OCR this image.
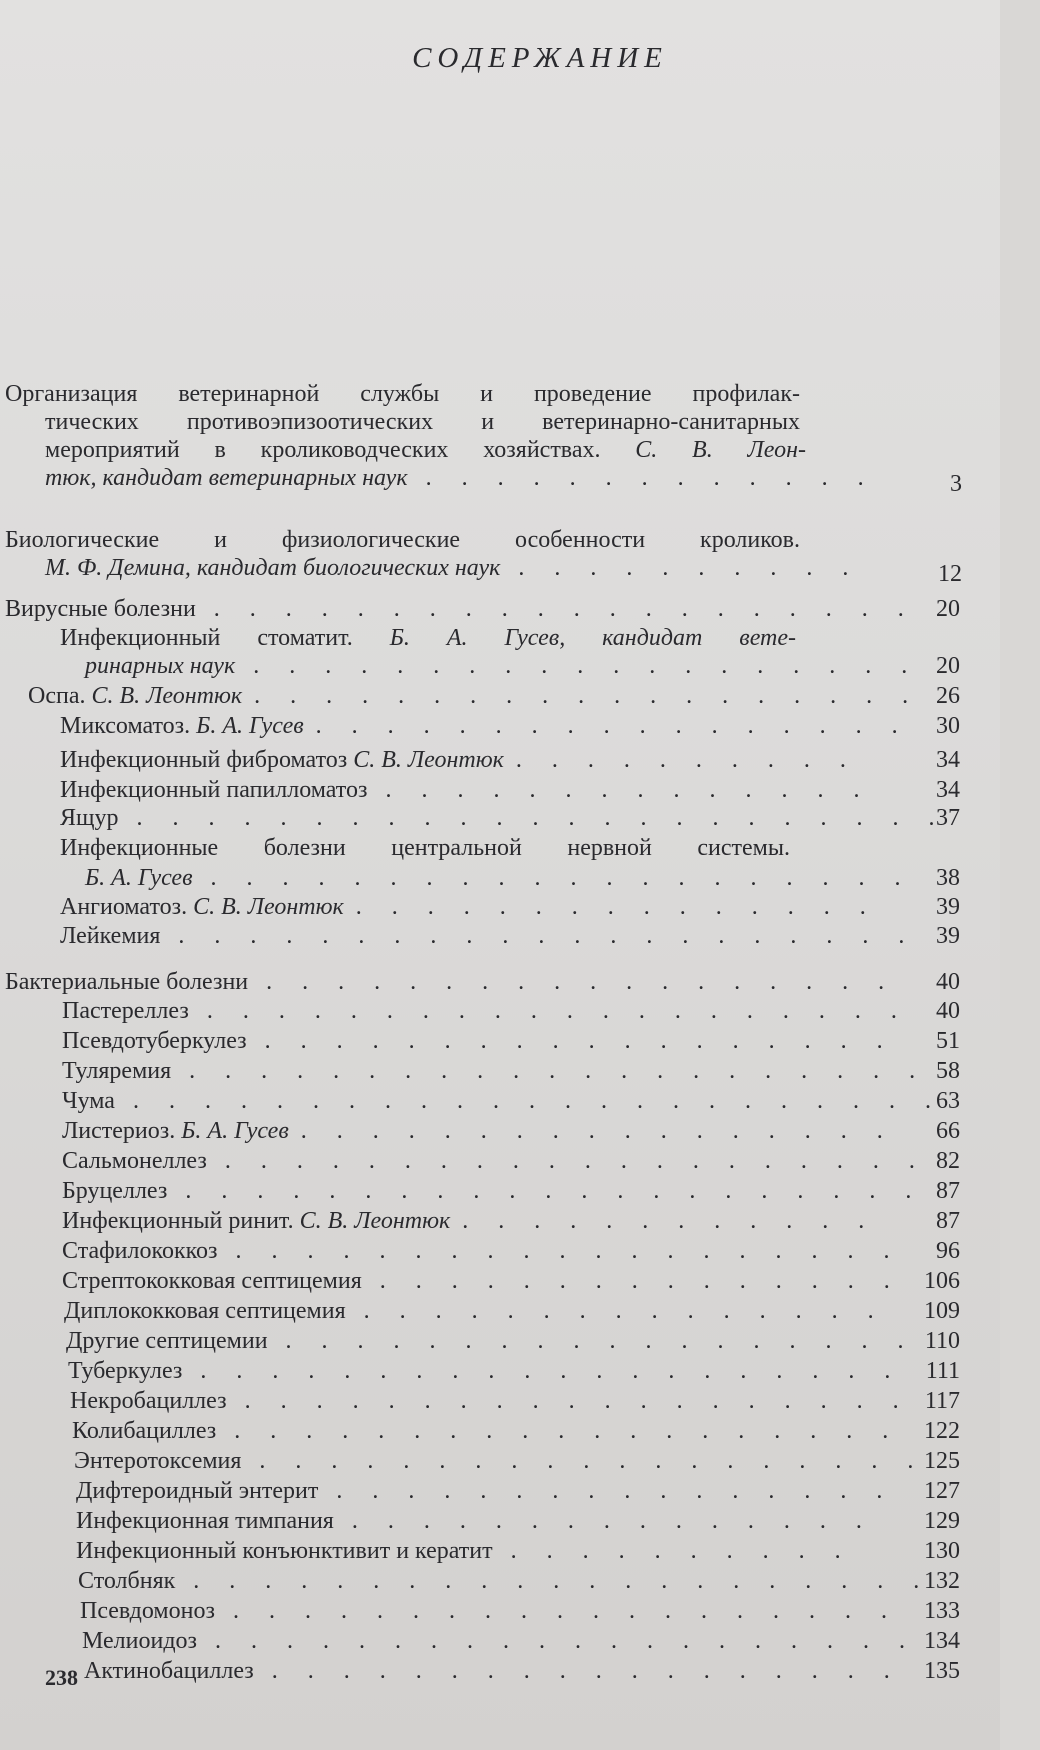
СОДЕРЖАНИЕ
Организация ветеринарной службы и проведение профилак-
тических противоэпизоотических и ветеринарно-санитарных
мероприятий в кролиководческих хозяйствах. С. В. Леон-
тюк, кандидат ветеринарных наук .  .  .  .  .  .  .  .  .  .  .  .  .	3
Биологические и физиологические особенности кроликов.
М. Ф. Демина, кандидат биологических наук .  .  .  .  .  .  .  .  .  .	12
Вирусные болезни .  .  .  .  .  .  .  .  .  .  .  .  .  .  .  .  .  .  .  . 20
Инфекционный стоматит. Б. А. Гусев, кандидат вете-
ринарных наук .  .  .  .  .  .  .  .  .  .  .  .  .  .  .  .  .  .  . 20
Оспа. С. В. Леонтюк .  .  .  .  .  .  .  .  .  .  .  .  .  .  .  .  .  .  . 26
Миксоматоз. Б. А. Гусев .  .  .  .  .  .  .  .  .  .  .  .  .  .  .  .  . 30
Инфекционный фиброматоз С. В. Леонтюк .  .  .  .  .  .  .  .  .  .	34
Инфекционный папилломатоз .  .  .  .  .  .  .  .  .  .  .  .  .  .	34
Ящур .  .  .  .  .  .  .  .  .  .  .  .  .  .  .  .  .  .  .  .  .  .  . 37
Инфекционные болезни центральной нервной системы.
Б. А. Гусев .  .  .  .  .  .  .  .  .  .  .  .  .  .  .  .  .  .  .  . 38
Ангиоматоз. С. В. Леонтюк .  .  .  .  .  .  .  .  .  .  .  .  .  .  .	39
Лейкемия .  .  .  .  .  .  .  .  .  .  .  .  .  .  .  .  .  .  .  .  . 39
Бактериальные болезни .  .  .  .  .  .  .  .  .  .  .  .  .  .  .  .  .  . 40
Пастереллез .  .  .  .  .  .  .  .  .  .  .  .  .  .  .  .  .  .  .  . 40
Псевдотуберкулез .  .  .  .  .  .  .  .  .  .  .  .  .  .  .  .  .  . 51
Туляремия .  .  .  .  .  .  .  .  .  .  .  .  .  .  .  .  .  .  .  .  . 58
Чума .  .  .  .  .  .  .  .  .  .  .  .  .  .  .  .  .  .  .  .  .  .  . 63
Листериоз. Б. А. Гусев .  .  .  .  .  .  .  .  .  .  .  .  .  .  .  .  . 66
Сальмонеллез .  .  .  .  .  .  .  .  .  .  .  .  .  .  .  .  .  .  .  . 82
Бруцеллез .  .  .  .  .  .  .  .  .  .  .  .  .  .  .  .  .  .  .  .  . 87
Инфекционный ринит. С. В. Леонтюк .  .  .  .  .  .  .  .  .  .  .  .	87
Стафилококкоз .  .  .  .  .  .  .  .  .  .  .  .  .  .  .  .  .  .  . 96
Стрептококковая септицемия .  .  .  .  .  .  .  .  .  .  .  .  .  .  . 106
Диплококковая септицемия .  .  .  .  .  .  .  .  .  .  .  .  .  .  . 109
Другие септицемии .  .  .  .  .  .  .  .  .  .  .  .  .  .  .  .  .  . 110
Туберкулез .  .  .  .  .  .  .  .  .  .  .  .  .  .  .  .  .  .  .  . 111
Некробациллез .  .  .  .  .  .  .  .  .  .  .  .  .  .  .  .  .  .  . 117
Колибациллез .  .  .  .  .  .  .  .  .  .  .  .  .  .  .  .  .  .  . 122
Энтеротоксемия .  .  .  .  .  .  .  .  .  .  .  .  .  .  .  .  .  .  . 125
Дифтероидный энтерит .  .  .  .  .  .  .  .  .  .  .  .  .  .  .  . 127
Инфекционная тимпания .  .  .  .  .  .  .  .  .  .  .  .  .  .  .	129
Инфекционный конъюнктивит и кератит .  .  .  .  .  .  .  .  .  .	130
Столбняк .  .  .  .  .  .  .  .  .  .  .  .  .  .  .  .  .  .  .  .  . 132
Псевдомоноз .  .  .  .  .  .  .  .  .  .  .  .  .  .  .  .  .  .  . 133
Мелиоидоз .  .  .  .  .  .  .  .  .  .  .  .  .  .  .  .  .  .  .  . 134
Актинобациллез .  .  .  .  .  .  .  .  .  .  .  .  .  .  .  .  .  . 135
238
